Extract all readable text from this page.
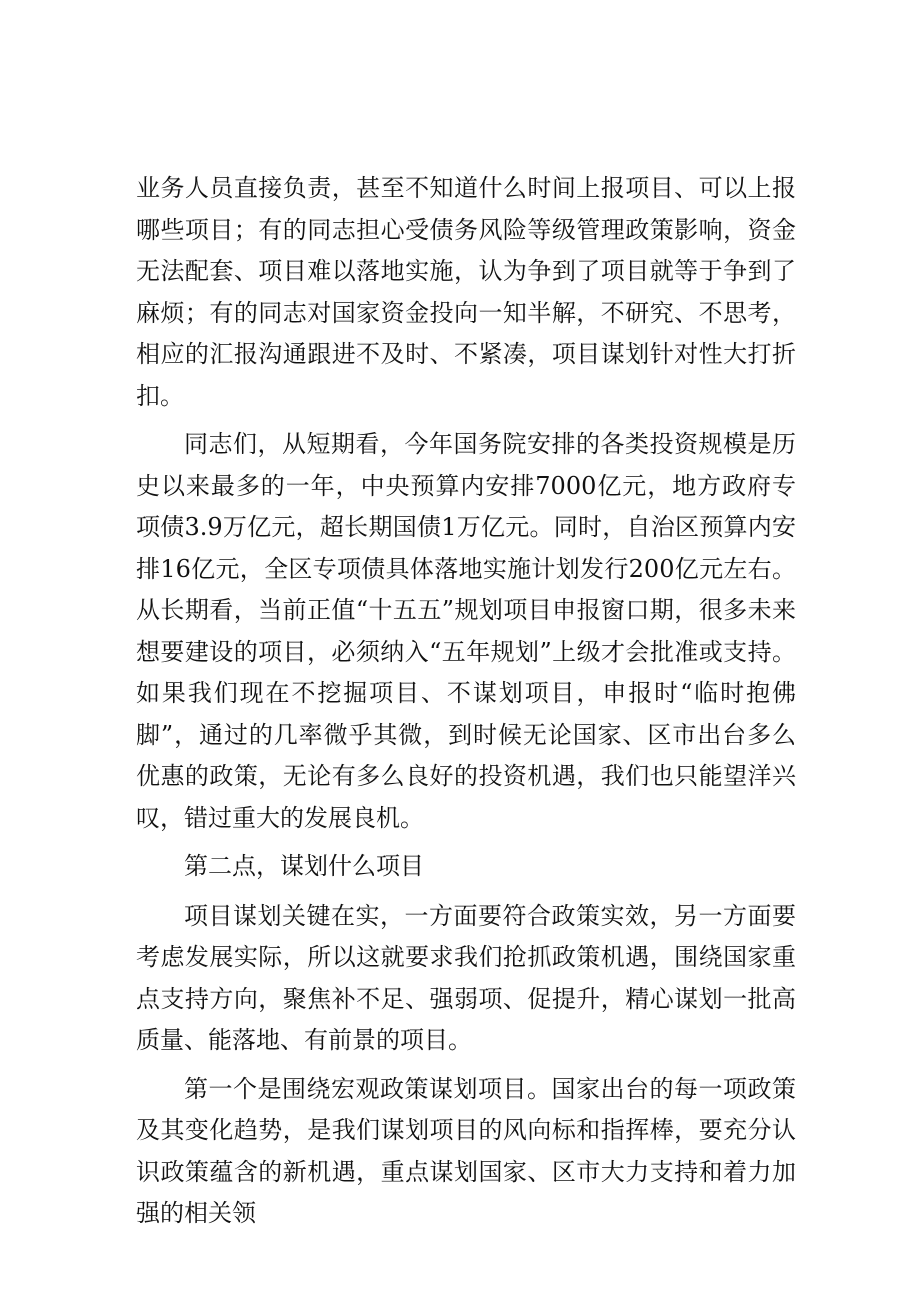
业务人员直接负责，甚至不知道什么时间上报项目、可以上报哪些项目；有的同志担心受债务风险等级管理政策影响，资金无法配套、项目难以落地实施，认为争到了项目就等于争到了麻烦；有的同志对国家资金投向一知半解，不研究、不思考，相应的汇报沟通跟进不及时、不紧凑，项目谋划针对性大打折扣。

同志们，从短期看，今年国务院安排的各类投资规模是历史以来最多的一年，中央预算内安排7000亿元，地方政府专项债3.9万亿元，超长期国债1万亿元。同时，自治区预算内安排16亿元，全区专项债具体落地实施计划发行200亿元左右。从长期看，当前正值“十五五”规划项目申报窗口期，很多未来想要建设的项目，必须纳入“五年规划”上级才会批准或支持。如果我们现在不挖掘项目、不谋划项目，申报时“临时抱佛脚”，通过的几率微乎其微，到时候无论国家、区市出台多么优惠的政策，无论有多么良好的投资机遇，我们也只能望洋兴叹，错过重大的发展良机。

第二点，谋划什么项目

项目谋划关键在实，一方面要符合政策实效，另一方面要考虑发展实际，所以这就要求我们抢抓政策机遇，围绕国家重点支持方向，聚焦补不足、强弱项、促提升，精心谋划一批高质量、能落地、有前景的项目。

第一个是围绕宏观政策谋划项目。国家出台的每一项政策及其变化趋势，是我们谋划项目的风向标和指挥棒，要充分认识政策蕴含的新机遇，重点谋划国家、区市大力支持和着力加强的相关领
